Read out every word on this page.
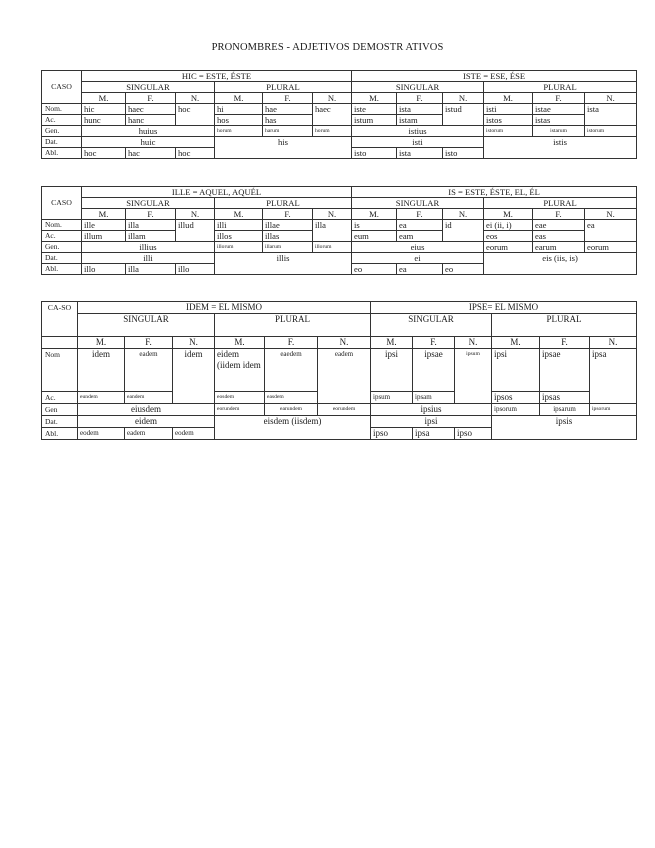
PRONOMBRES - ADJETIVOS DEMOSTR ATIVOS
CASO	HIC = ESTE, ÉSTE						ISTE = ESE, ÉSE					
	SINGULAR			PLURAL			SINGULAR			PLURAL		
	M.	F.	N.	M.	F.	N.	M.	F.	N.	M.	F.	N.
Nom.	hic	haec	hoc	hi	hae	haec	iste	ista	istud	isti	istae	ista
Ac.	hunc	hanc		hos	has		istum	istam		istos	istas	
Gen.	huius			horum	harum	horum	istius			istorum	istarum	istorum
Dat.	huic			his			isti			istis		
Abl.	hoc	hac	hoc				isto	ista	isto			
CASO	ILLE = AQUEL, AQUÉL						IS = ESTE, ÉSTE, EL, ÉL					
	SINGULAR			PLURAL			SINGULAR			PLURAL		
	M.	F.	N.	M.	F.	N.	M.	F.	N.	M.	F.	N.
Nom.	ille	illa	illud	illi	illae	illa	is	ea	id	ei (ii, i)	eae	ea
Ac.	illum	illam		illos	illas		eum	eam		eos	eas	
Gen.	illius			illorum	illarum	illorum	eius			eorum	earum	eorum
Dat.	illi			illis			ei			eis (iis, is)		
Abl.	illo	illa	illo				eo	ea	eo			
CA-SO	IDEM = EL MISMO						IPSE= EL MISMO					
	SINGULAR			PLURAL			SINGULAR			PLURAL		
	M.	F.	N.	M.	F.	N.	M.	F.	N.	M.	F.	N.
Nom	idem	eadem	idem	eidem (iidem idem	eaedem	eadem	ipsi	ipsae	ipsum	ipsi	ipsae	ipsa
Ac.	eundem	eandem		eosdem	easdem		ipsum	ipsam		ipsos	ipsas	
Gen	eiusdem			eorundem	earundem	eorundem	ipsius			ipsorum	ipsarum	ipsorum
Dat.	eidem			eisdem (iisdem)			ipsi			ipsis		
Abl.	eodem	eadem	eodem				ipso	ipsa	ipso			
